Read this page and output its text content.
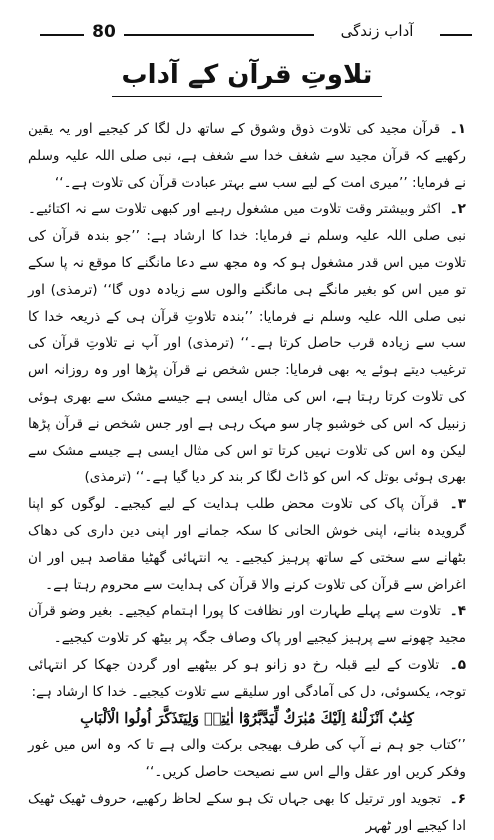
آداب زندگی
80
تلاوتِ قرآن کے آداب

۱۔ قرآن مجید کی تلاوت ذوق وشوق کے ساتھ دل لگا کر کیجیے اور یہ یقین رکھیے کہ قرآن مجید سے شغف خدا سے شغف ہے، نبی صلی اللہ علیہ وسلم نے فرمایا: ’’میری امت کے لیے سب سے بہتر عبادت قرآن کی تلاوت ہے۔‘‘

۲۔ اکثر وبیشتر وقت تلاوت میں مشغول رہیے اور کبھی تلاوت سے نہ اکتائیے۔ نبی صلی اللہ علیہ وسلم نے فرمایا: خدا کا ارشاد ہے: ’’جو بندہ قرآن کی تلاوت میں اس قدر مشغول ہو کہ وہ مجھ سے دعا مانگنے کا موقع نہ پا سکے تو میں اس کو بغیر مانگے ہی مانگنے والوں سے زیادہ دوں گا‘‘ (ترمذی) اور نبی صلی اللہ علیہ وسلم نے فرمایا: ’’بندہ تلاوتِ قرآن ہی کے ذریعہ خدا کا سب سے زیادہ قرب حاصل کرتا ہے۔‘‘ (ترمذی) اور آپ نے تلاوتِ قرآن کی ترغیب دیتے ہوئے یہ بھی فرمایا: جس شخص نے قرآن پڑھا اور وہ روزانہ اس کی تلاوت کرتا رہتا ہے، اس کی مثال ایسی ہے جیسے مشک سے بھری ہوئی زنبیل کہ اس کی خوشبو چار سو مہک رہی ہے اور جس شخص نے قرآن پڑھا لیکن وہ اس کی تلاوت نہیں کرتا تو اس کی مثال ایسی ہے جیسے مشک سے بھری ہوئی بوتل کہ اس کو ڈاٹ لگا کر بند کر دیا گیا ہے۔‘‘ (ترمذی)

۳۔ قرآن پاک کی تلاوت محض طلب ہدایت کے لیے کیجیے۔ لوگوں کو اپنا گرویدہ بنانے، اپنی خوش الحانی کا سکہ جمانے اور اپنی دین داری کی دھاک بٹھانے سے سختی کے ساتھ پرہیز کیجیے۔ یہ انتہائی گھٹیا مقاصد ہیں اور ان اغراض سے قرآن کی تلاوت کرنے والا قرآن کی ہدایت سے محروم رہتا ہے۔

۴۔ تلاوت سے پہلے طہارت اور نظافت کا پورا اہتمام کیجیے۔ بغیر وضو قرآن مجید چھونے سے پرہیز کیجیے اور پاک وصاف جگہ پر بیٹھ کر تلاوت کیجیے۔

۵۔ تلاوت کے لیے قبلہ رخ دو زانو ہو کر بیٹھیے اور گردن جھکا کر انتہائی توجہ، یکسوئی، دل کی آمادگی اور سلیقے سے تلاوت کیجیے۔ خدا کا ارشاد ہے:

کِتٰبٌ اَنْزَلْنٰهُ اِلَیْكَ مُبٰرَكٌ لِّیَدَّبَّرُوْٓا اٰیٰتِهٖ وَلِیَتَذَكَّرَ اُولُوا الْاَلْبَابِ

’’کتاب جو ہم نے آپ کی طرف بھیجی برکت والی ہے تا کہ وہ اس میں غور وفکر کریں اور عقل والے اس سے نصیحت حاصل کریں۔‘‘

۶۔ تجوید اور ترتیل کا بھی جہاں تک ہو سکے لحاظ رکھیے، حروف ٹھیک ٹھیک ادا کیجیے اور ٹھہر
